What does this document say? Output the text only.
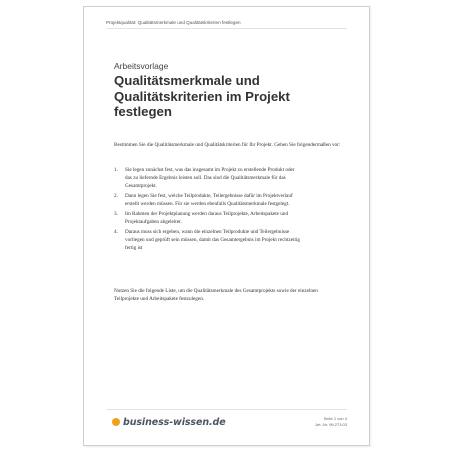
Projektqualität: Qualitätsmerkmale und Qualitätskriterien festlegen
Arbeitsvorlage
Qualitätsmerkmale und Qualitätskriterien im Projekt festlegen
Bestimmen Sie die Qualitätsmerkmale und Qualitätskriterien für Ihr Projekt. Gehen Sie folgendermaßen vor:
1.	Sie legen zunächst fest, was das insgesamt im Projekt zu erstellende Produkt oder das zu liefernde Ergebnis leisten soll. Das sind die Qualitätsmerkmale für das Gesamtprojekt.
2.	Dann legen Sie fest, welche Teilprodukte, Teilergebnisse dafür im Projektverlauf erstellt werden müssen. Für sie werden ebenfalls Qualitätsmerkmale festgelegt.
3.	Im Rahmen der Projektplanung werden daraus Teilprojekte, Arbeitspakete und Projektaufgaben abgeleitet.
4.	Daraus muss sich ergeben, wann die einzelnen Teilprodukte und Teilergebnisse vorliegen und geprüft sein müssen, damit das Gesamtergebnis im Projekt rechtzeitig fertig ist
Nutzen Sie die folgende Liste, um die Qualitätsmerkmale des Gesamtprojekts sowie der einzelnen Teilprojekte und Arbeitspakete festzulegen.
business-wissen.de	Seite 1 von 4
Art.-Nr. 99.273.03
